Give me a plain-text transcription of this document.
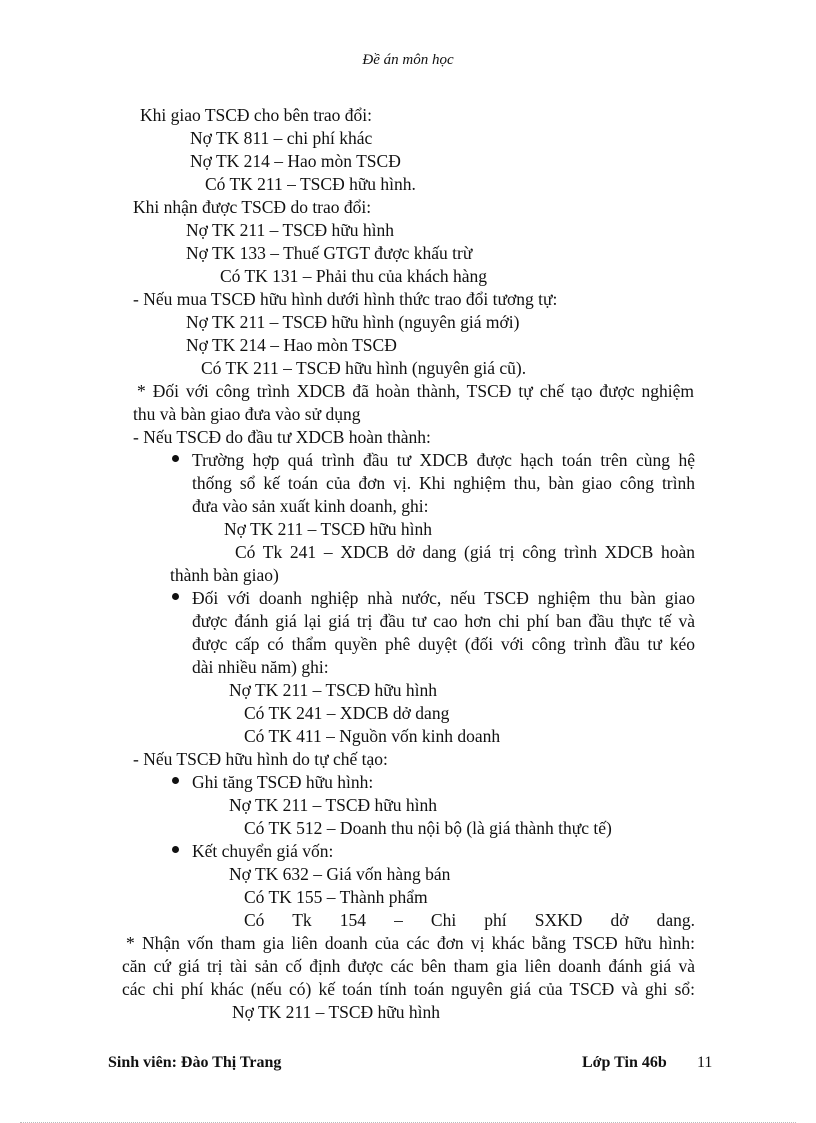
Đề án môn học
Khi giao TSCĐ cho bên trao đổi:
Nợ TK 811 – chi phí khác
Nợ TK 214 – Hao mòn TSCĐ
Có TK 211 – TSCĐ hữu hình.
Khi nhận được TSCĐ do trao đổi:
Nợ TK 211 – TSCĐ hữu hình
Nợ TK 133 – Thuế GTGT được khấu trừ
Có TK 131 – Phải thu của khách hàng
- Nếu mua TSCĐ hữu hình dưới hình thức trao đổi tương tự:
Nợ TK 211 – TSCĐ hữu hình (nguyên giá mới)
Nợ TK 214 – Hao mòn TSCĐ
Có TK 211 – TSCĐ hữu hình (nguyên giá cũ).
* Đối với công trình XDCB đã hoàn thành, TSCĐ tự chế tạo được nghiệm
thu và bàn giao đưa vào sử dụng
- Nếu TSCĐ do đầu tư XDCB hoàn thành:
Trường hợp quá trình đầu tư XDCB được hạch toán trên cùng hệ
thống sổ kế toán của đơn vị. Khi nghiệm thu, bàn giao công trình
đưa vào sản xuất kinh doanh, ghi:
Nợ TK 211 – TSCĐ hữu hình
Có Tk 241 – XDCB dở dang (giá trị công trình XDCB hoàn
thành bàn giao)
Đối với doanh nghiệp nhà nước, nếu TSCĐ nghiệm thu bàn giao
được đánh giá lại giá trị đầu tư cao hơn chi phí ban đầu thực tế và
được cấp có thẩm quyền phê duyệt (đối với công trình đầu tư kéo
dài nhiều năm) ghi:
Nợ TK 211 – TSCĐ hữu hình
Có TK 241 – XDCB dở dang
Có TK 411 – Nguồn vốn kinh doanh
- Nếu TSCĐ hữu hình do tự chế tạo:
Ghi tăng TSCĐ hữu hình:
Nợ TK 211 – TSCĐ hữu hình
Có TK 512 – Doanh thu nội bộ (là giá thành thực tế)
Kết chuyển giá vốn:
Nợ TK 632 – Giá vốn hàng bán
Có TK 155 – Thành phẩm
Có Tk 154 – Chi phí SXKD dở dang.
* Nhận vốn tham gia liên doanh của các đơn vị khác bằng TSCĐ hữu hình:
căn cứ giá trị tài sản cố định được các bên tham gia liên doanh đánh giá và
các chi phí khác (nếu có) kế toán tính toán nguyên giá của TSCĐ và ghi sổ:
Nợ TK 211 – TSCĐ hữu hình
Sinh viên: Đào Thị Trang	Lớp Tin 46b 11
